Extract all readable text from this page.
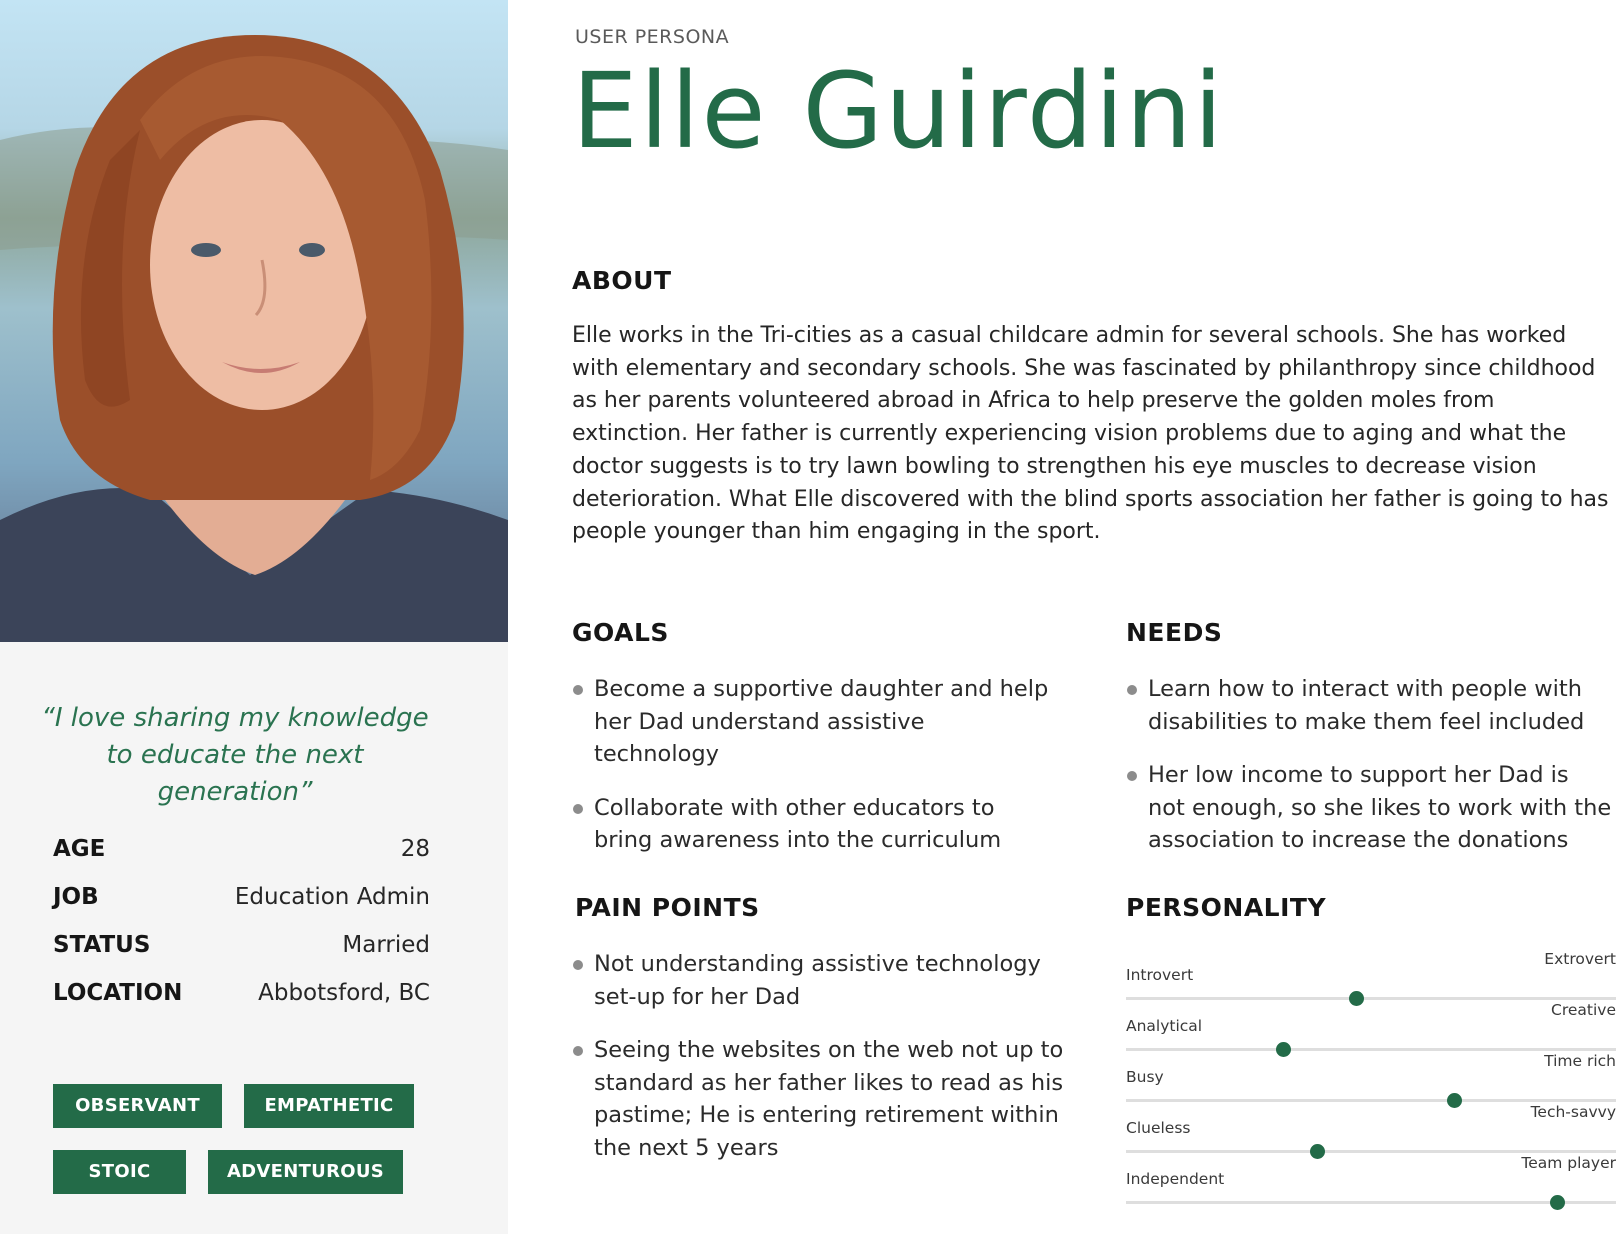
“I love sharing my knowledge to educate the next generation”
AGE	28
JOB	Education Admin
STATUS	Married
LOCATION	Abbotsford, BC
OBSERVANT	EMPATHETIC
STOIC	ADVENTUROUS
USER PERSONA
Elle Guirdini
ABOUT
Elle works in the Tri-cities as a casual childcare admin for several schools. She has worked with elementary and secondary schools. She was fascinated by philanthropy since childhood as her parents volunteered abroad in Africa to help preserve the golden moles from extinction. Her father is currently experiencing vision problems due to aging and what the doctor suggests is to try lawn bowling to strengthen his eye muscles to decrease vision deterioration. What Elle discovered with the blind sports association her father is going to has people younger than him engaging in the sport.
GOALS
Become a supportive daughter and help her Dad understand assistive technology
Collaborate with other educators to bring awareness into the curriculum
NEEDS
Learn how to interact with people with disabilities to make them feel included
Her low income to support her Dad is not enough, so she likes to work with the association to increase the donations
PAIN POINTS
Not understanding assistive technology set-up for her Dad
Seeing the websites on the web not up to standard as her father likes to read as his pastime; He is entering retirement within the next 5 years
PERSONALITY
Introvert
Extrovert
Analytical
Creative
Busy
Time rich
Clueless
Tech-savvy
Independent
Team player
